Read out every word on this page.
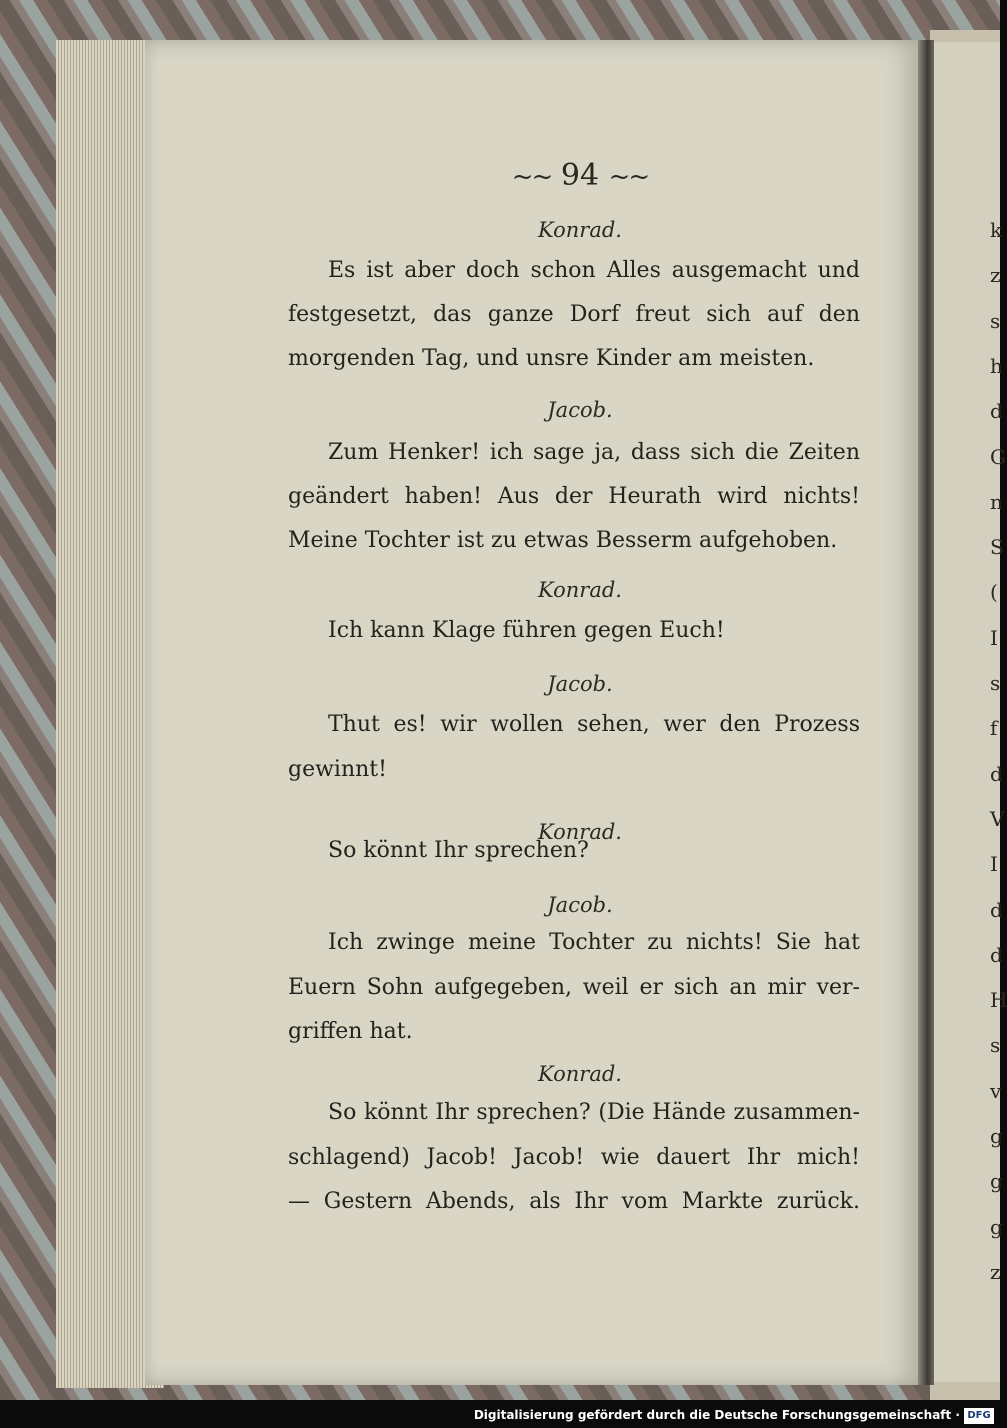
~~ 94 ~~
Konrad.
Es ist aber doch schon Alles ausgemacht und
festgesetzt, das ganze Dorf freut sich auf den
morgenden Tag, und unsre Kinder am meisten.
Jacob.
Zum Henker! ich sage ja, dass sich die Zeiten
geändert haben! Aus der Heurath wird nichts!
Meine Tochter ist zu etwas Besserm aufgehoben.
Konrad.
Ich kann Klage führen gegen Euch!
Jacob.
Thut es! wir wollen sehen, wer den Prozess
gewinnt!
Konrad.
So könnt Ihr sprechen?
Jacob.
Ich zwinge meine Tochter zu nichts! Sie hat
Euern Sohn aufgegeben, weil er sich an mir ver-
griffen hat.
Konrad.
So könnt Ihr sprechen? (Die Hände zusammen-
schlagend) Jacob! Jacob! wie dauert Ihr mich!
— Gestern Abends, als Ihr vom Markte zurück.
k
z
s
h
d
G
n
S
(
I
s
f
d
V
I
d
d
H
s
v
g
g
g
z
Digitalisierung gefördert durch die Deutsche Forschungsgemeinschaft · DFG
